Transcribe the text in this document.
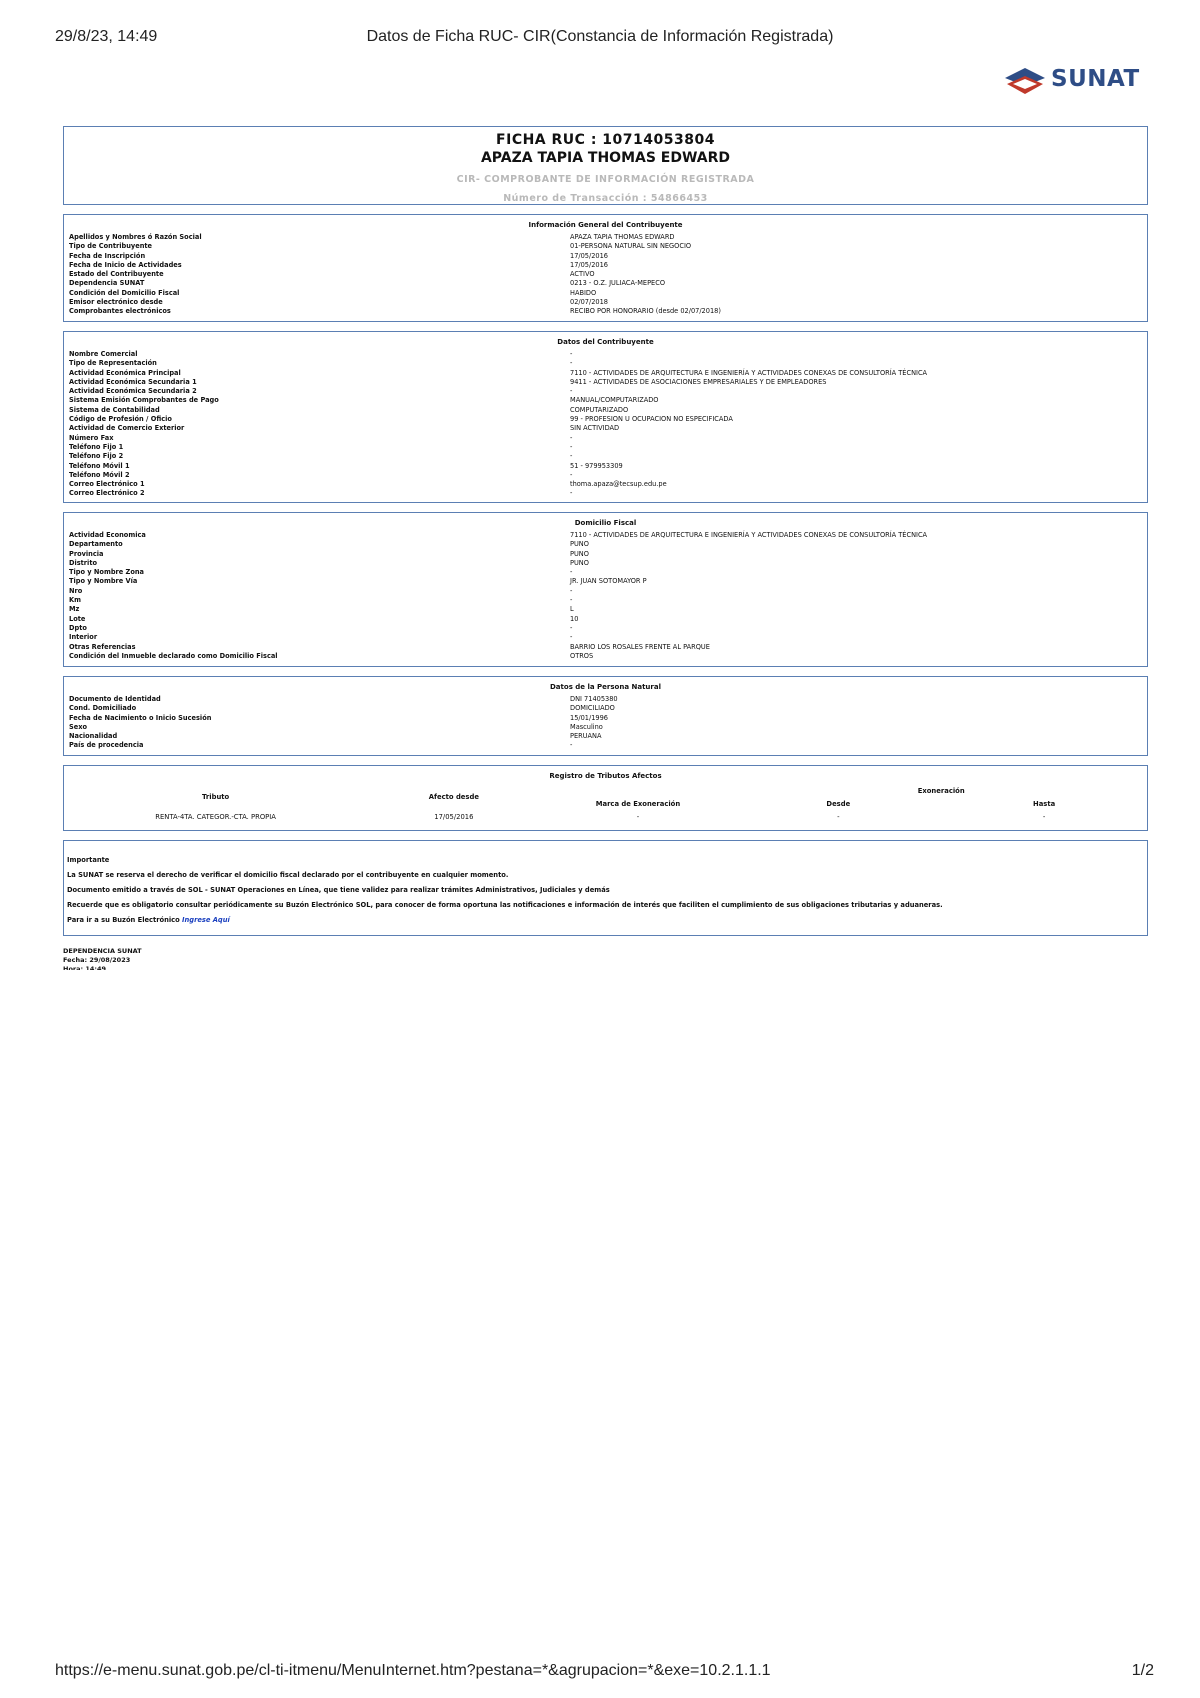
29/8/23, 14:49	Datos de Ficha RUC- CIR(Constancia de Información Registrada)
SUNAT
FICHA RUC : 10714053804
APAZA TAPIA THOMAS EDWARD
CIR- COMPROBANTE DE INFORMACIÓN REGISTRADA
Número de Transacción : 54866453
Información General del Contribuyente
Apellidos y Nombres ó Razón Social	APAZA TAPIA THOMAS EDWARD
Tipo de Contribuyente	01-PERSONA NATURAL SIN NEGOCIO
Fecha de Inscripción	17/05/2016
Fecha de Inicio de Actividades	17/05/2016
Estado del Contribuyente	ACTIVO
Dependencia SUNAT	0213 - O.Z. JULIACA-MEPECO
Condición del Domicilio Fiscal	HABIDO
Emisor electrónico desde	02/07/2018
Comprobantes electrónicos	RECIBO POR HONORARIO (desde 02/07/2018)
Datos del Contribuyente
Nombre Comercial	-
Tipo de Representación	-
Actividad Económica Principal	7110 - ACTIVIDADES DE ARQUITECTURA E INGENIERÍA Y ACTIVIDADES CONEXAS DE CONSULTORÍA TÉCNICA
Actividad Económica Secundaria 1	9411 - ACTIVIDADES DE ASOCIACIONES EMPRESARIALES Y DE EMPLEADORES
Actividad Económica Secundaria 2	-
Sistema Emisión Comprobantes de Pago	MANUAL/COMPUTARIZADO
Sistema de Contabilidad	COMPUTARIZADO
Código de Profesión / Oficio	99 - PROFESION U OCUPACION NO ESPECIFICADA
Actividad de Comercio Exterior	SIN ACTIVIDAD
Número Fax	-
Teléfono Fijo 1	-
Teléfono Fijo 2	-
Teléfono Móvil 1	51 - 979953309
Teléfono Móvil 2	-
Correo Electrónico 1	thoma.apaza@tecsup.edu.pe
Correo Electrónico 2	-
Domicilio Fiscal
Actividad Economica	7110 - ACTIVIDADES DE ARQUITECTURA E INGENIERÍA Y ACTIVIDADES CONEXAS DE CONSULTORÍA TÉCNICA
Departamento	PUNO
Provincia	PUNO
Distrito	PUNO
Tipo y Nombre Zona	-
Tipo y Nombre Vía	JR. JUAN SOTOMAYOR P
Nro	-
Km	-
Mz	L
Lote	10
Dpto	-
Interior	-
Otras Referencias	BARRIO LOS ROSALES FRENTE AL PARQUE
Condición del Inmueble declarado como Domicilio Fiscal	OTROS
Datos de la Persona Natural
Documento de Identidad	DNI 71405380
Cond. Domiciliado	DOMICILIADO
Fecha de Nacimiento o Inicio Sucesión	15/01/1996
Sexo	Masculino
Nacionalidad	PERUANA
País de procedencia	-
Registro de Tributos Afectos
Tributo	Afecto desde		Exoneración	
		Marca de Exoneración	Desde	Hasta
RENTA-4TA. CATEGOR.-CTA. PROPIA	17/05/2016	-	-	-
Importante
La SUNAT se reserva el derecho de verificar el domicilio fiscal declarado por el contribuyente en cualquier momento.
Documento emitido a través de SOL - SUNAT Operaciones en Línea, que tiene validez para realizar trámites Administrativos, Judiciales y demás
Recuerde que es obligatorio consultar periódicamente su Buzón Electrónico SOL, para conocer de forma oportuna las notificaciones e información de interés que faciliten el cumplimiento de sus obligaciones tributarias y aduaneras.
Para ir a su Buzón Electrónico Ingrese Aquí
DEPENDENCIA SUNAT
Fecha: 29/08/2023
Hora: 14:49
https://e-menu.sunat.gob.pe/cl-ti-itmenu/MenuInternet.htm?pestana=*&agrupacion=*&exe=10.2.1.1.1	1/2
